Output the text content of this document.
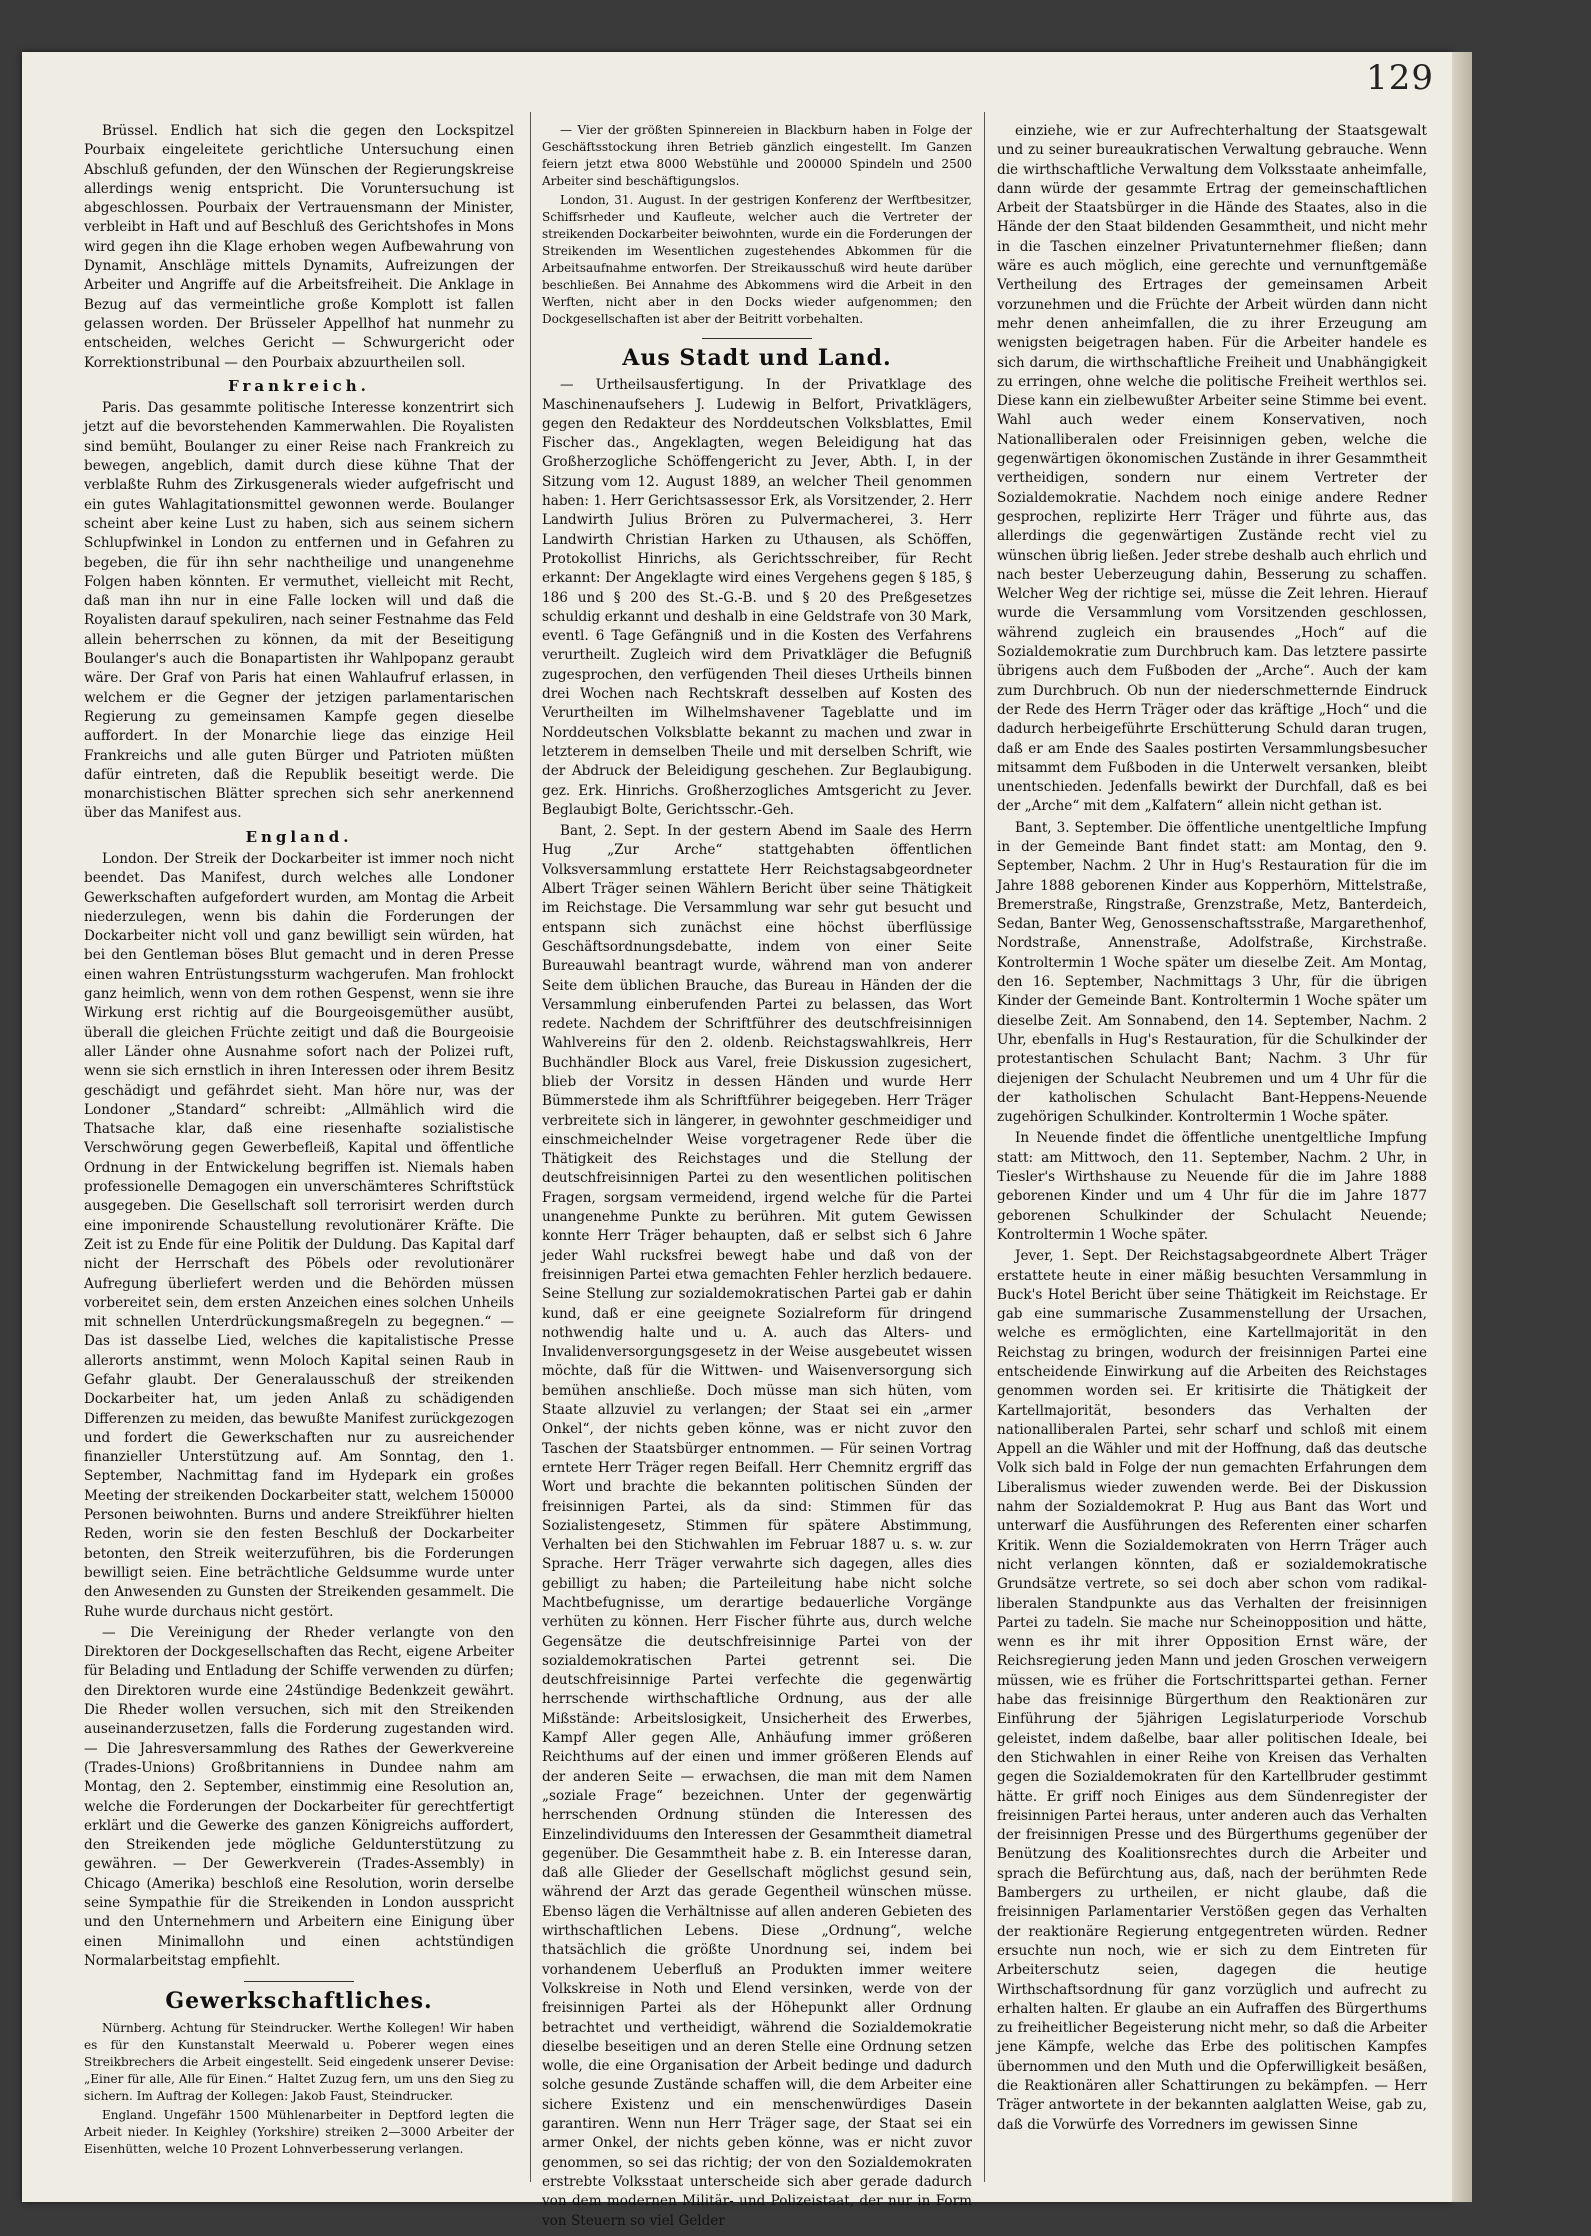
129

Brüssel. Endlich hat sich die gegen den Lockspitzel Pourbaix eingeleitete gerichtliche Untersuchung einen Abschluß gefunden, der den Wünschen der Regierungskreise allerdings wenig entspricht. Die Voruntersuchung ist abgeschlossen. Pourbaix der Vertrauensmann der Minister, verbleibt in Haft und auf Beschluß des Gerichtshofes in Mons wird gegen ihn die Klage erhoben wegen Aufbewahrung von Dynamit, Anschläge mittels Dynamits, Aufreizungen der Arbeiter und Angriffe auf die Arbeitsfreiheit. Die Anklage in Bezug auf das vermeintliche große Komplott ist fallen gelassen worden. Der Brüsseler Appellhof hat nunmehr zu entscheiden, welches Gericht — Schwurgericht oder Korrektionstribunal — den Pourbaix abzuurtheilen soll.

Frankreich.

Paris. Das gesammte politische Interesse konzentrirt sich jetzt auf die bevorstehenden Kammerwahlen. Die Royalisten sind bemüht, Boulanger zu einer Reise nach Frankreich zu bewegen, angeblich, damit durch diese kühne That der verblaßte Ruhm des Zirkusgenerals wieder aufgefrischt und ein gutes Wahlagitationsmittel gewonnen werde. Boulanger scheint aber keine Lust zu haben, sich aus seinem sichern Schlupfwinkel in London zu entfernen und in Gefahren zu begeben, die für ihn sehr nachtheilige und unangenehme Folgen haben könnten. Er vermuthet, vielleicht mit Recht, daß man ihn nur in eine Falle locken will und daß die Royalisten darauf spekuliren, nach seiner Festnahme das Feld allein beherrschen zu können, da mit der Beseitigung Boulanger's auch die Bonapartisten ihr Wahlpopanz geraubt wäre. Der Graf von Paris hat einen Wahlaufruf erlassen, in welchem er die Gegner der jetzigen parlamentarischen Regierung zu gemeinsamen Kampfe gegen dieselbe auffordert. In der Monarchie liege das einzige Heil Frankreichs und alle guten Bürger und Patrioten müßten dafür eintreten, daß die Republik beseitigt werde. Die monarchistischen Blätter sprechen sich sehr anerkennend über das Manifest aus.

England.

London. Der Streik der Dockarbeiter ist immer noch nicht beendet. Das Manifest, durch welches alle Londoner Gewerkschaften aufgefordert wurden, am Montag die Arbeit niederzulegen, wenn bis dahin die Forderungen der Dockarbeiter nicht voll und ganz bewilligt sein würden, hat bei den Gentleman böses Blut gemacht und in deren Presse einen wahren Entrüstungssturm wachgerufen. Man frohlockt ganz heimlich, wenn von dem rothen Gespenst, wenn sie ihre Wirkung erst richtig auf die Bourgeoisgemüther ausübt, überall die gleichen Früchte zeitigt und daß die Bourgeoisie aller Länder ohne Ausnahme sofort nach der Polizei ruft, wenn sie sich ernstlich in ihren Interessen oder ihrem Besitz geschädigt und gefährdet sieht. Man höre nur, was der Londoner „Standard“ schreibt: „Allmählich wird die Thatsache klar, daß eine riesenhafte sozialistische Verschwörung gegen Gewerbefleiß, Kapital und öffentliche Ordnung in der Entwickelung begriffen ist. Niemals haben professionelle Demagogen ein unverschämteres Schriftstück ausgegeben. Die Gesellschaft soll terrorisirt werden durch eine imponirende Schaustellung revolutionärer Kräfte. Die Zeit ist zu Ende für eine Politik der Duldung. Das Kapital darf nicht der Herrschaft des Pöbels oder revolutionärer Aufregung überliefert werden und die Behörden müssen vorbereitet sein, dem ersten Anzeichen eines solchen Unheils mit schnellen Unterdrückungsmaßregeln zu begegnen.“ — Das ist dasselbe Lied, welches die kapitalistische Presse allerorts anstimmt, wenn Moloch Kapital seinen Raub in Gefahr glaubt. Der Generalausschuß der streikenden Dockarbeiter hat, um jeden Anlaß zu schädigenden Differenzen zu meiden, das bewußte Manifest zurückgezogen und fordert die Gewerkschaften nur zu ausreichender finanzieller Unterstützung auf. Am Sonntag, den 1. September, Nachmittag fand im Hydepark ein großes Meeting der streikenden Dockarbeiter statt, welchem 150000 Personen beiwohnten. Burns und andere Streikführer hielten Reden, worin sie den festen Beschluß der Dockarbeiter betonten, den Streik weiterzuführen, bis die Forderungen bewilligt seien. Eine beträchtliche Geldsumme wurde unter den Anwesenden zu Gunsten der Streikenden gesammelt. Die Ruhe wurde durchaus nicht gestört.

— Die Vereinigung der Rheder verlangte von den Direktoren der Dockgesellschaften das Recht, eigene Arbeiter für Belading und Entladung der Schiffe verwenden zu dürfen; den Direktoren wurde eine 24stündige Bedenkzeit gewährt. Die Rheder wollen versuchen, sich mit den Streikenden auseinanderzusetzen, falls die Forderung zugestanden wird. — Die Jahresversammlung des Rathes der Gewerkvereine (Trades-Unions) Großbritanniens in Dundee nahm am Montag, den 2. September, einstimmig eine Resolution an, welche die Forderungen der Dockarbeiter für gerechtfertigt erklärt und die Gewerke des ganzen Königreichs auffordert, den Streikenden jede mögliche Geldunterstützung zu gewähren. — Der Gewerkverein (Trades-Assembly) in Chicago (Amerika) beschloß eine Resolution, worin derselbe seine Sympathie für die Streikenden in London ausspricht und den Unternehmern und Arbeitern eine Einigung über einen Minimallohn und einen achtstündigen Normalarbeitstag empfiehlt.

Gewerkschaftliches.

Nürnberg. Achtung für Steindrucker. Werthe Kollegen! Wir haben es für den Kunstanstalt Meerwald u. Poberer wegen eines Streikbrechers die Arbeit eingestellt. Seid eingedenk unserer Devise: „Einer für alle, Alle für Einen.“ Haltet Zuzug fern, um uns den Sieg zu sichern. Im Auftrag der Kollegen: Jakob Faust, Steindrucker.

England. Ungefähr 1500 Mühlenarbeiter in Deptford legten die Arbeit nieder. In Keighley (Yorkshire) streiken 2—3000 Arbeiter der Eisenhütten, welche 10 Prozent Lohnverbesserung verlangen.

— Vier der größten Spinnereien in Blackburn haben in Folge der Geschäftsstockung ihren Betrieb gänzlich eingestellt. Im Ganzen feiern jetzt etwa 8000 Webstühle und 200000 Spindeln und 2500 Arbeiter sind beschäftigungslos.

London, 31. August. In der gestrigen Konferenz der Werftbesitzer, Schiffsrheder und Kaufleute, welcher auch die Vertreter der streikenden Dockarbeiter beiwohnten, wurde ein die Forderungen der Streikenden im Wesentlichen zugestehendes Abkommen für die Arbeitsaufnahme entworfen. Der Streikausschuß wird heute darüber beschließen. Bei Annahme des Abkommens wird die Arbeit in den Werften, nicht aber in den Docks wieder aufgenommen; den Dockgesellschaften ist aber der Beitritt vorbehalten.

Aus Stadt und Land.

— Urtheilsausfertigung. In der Privatklage des Maschinenaufsehers J. Ludewig in Belfort, Privatklägers, gegen den Redakteur des Norddeutschen Volksblattes, Emil Fischer das., Angeklagten, wegen Beleidigung hat das Großherzogliche Schöffengericht zu Jever, Abth. I, in der Sitzung vom 12. August 1889, an welcher Theil genommen haben: 1. Herr Gerichtsassessor Erk, als Vorsitzender, 2. Herr Landwirth Julius Brören zu Pulvermacherei, 3. Herr Landwirth Christian Harken zu Uthausen, als Schöffen, Protokollist Hinrichs, als Gerichtsschreiber, für Recht erkannt: Der Angeklagte wird eines Vergehens gegen § 185, § 186 und § 200 des St.-G.-B. und § 20 des Preßgesetzes schuldig erkannt und deshalb in eine Geldstrafe von 30 Mark, eventl. 6 Tage Gefängniß und in die Kosten des Verfahrens verurtheilt. Zugleich wird dem Privatkläger die Befugniß zugesprochen, den verfügenden Theil dieses Urtheils binnen drei Wochen nach Rechtskraft desselben auf Kosten des Verurtheilten im Wilhelmshavener Tageblatte und im Norddeutschen Volksblatte bekannt zu machen und zwar in letzterem in demselben Theile und mit derselben Schrift, wie der Abdruck der Beleidigung geschehen. Zur Beglaubigung. gez. Erk. Hinrichs. Großherzogliches Amtsgericht zu Jever. Beglaubigt Bolte, Gerichtsschr.-Geh.

Bant, 2. Sept. In der gestern Abend im Saale des Herrn Hug „Zur Arche“ stattgehabten öffentlichen Volksversammlung erstattete Herr Reichstagsabgeordneter Albert Träger seinen Wählern Bericht über seine Thätigkeit im Reichstage. Die Versammlung war sehr gut besucht und entspann sich zunächst eine höchst überflüssige Geschäftsordnungsdebatte, indem von einer Seite Bureauwahl beantragt wurde, während man von anderer Seite dem üblichen Brauche, das Bureau in Händen der die Versammlung einberufenden Partei zu belassen, das Wort redete. Nachdem der Schriftführer des deutschfreisinnigen Wahlvereins für den 2. oldenb. Reichstagswahlkreis, Herr Buchhändler Block aus Varel, freie Diskussion zugesichert, blieb der Vorsitz in dessen Händen und wurde Herr Bümmerstede ihm als Schriftführer beigegeben. Herr Träger verbreitete sich in längerer, in gewohnter geschmeidiger und einschmeichelnder Weise vorgetragener Rede über die Thätigkeit des Reichstages und die Stellung der deutschfreisinnigen Partei zu den wesentlichen politischen Fragen, sorgsam vermeidend, irgend welche für die Partei unangenehme Punkte zu berühren. Mit gutem Gewissen konnte Herr Träger behaupten, daß er selbst sich 6 Jahre jeder Wahl rucksfrei bewegt habe und daß von der freisinnigen Partei etwa gemachten Fehler herzlich bedauere. Seine Stellung zur sozialdemokratischen Partei gab er dahin kund, daß er eine geeignete Sozialreform für dringend nothwendig halte und u. A. auch das Alters- und Invalidenversorgungsgesetz in der Weise ausgebeutet wissen möchte, daß für die Wittwen- und Waisenversorgung sich bemühen anschließe. Doch müsse man sich hüten, vom Staate allzuviel zu verlangen; der Staat sei ein „armer Onkel“, der nichts geben könne, was er nicht zuvor den Taschen der Staatsbürger entnommen. — Für seinen Vortrag erntete Herr Träger regen Beifall. Herr Chemnitz ergriff das Wort und brachte die bekannten politischen Sünden der freisinnigen Partei, als da sind: Stimmen für das Sozialistengesetz, Stimmen für spätere Abstimmung, Verhalten bei den Stichwahlen im Februar 1887 u. s. w. zur Sprache. Herr Träger verwahrte sich dagegen, alles dies gebilligt zu haben; die Parteileitung habe nicht solche Machtbefugnisse, um derartige bedauerliche Vorgänge verhüten zu können. Herr Fischer führte aus, durch welche Gegensätze die deutschfreisinnige Partei von der sozialdemokratischen Partei getrennt sei. Die deutschfreisinnige Partei verfechte die gegenwärtig herrschende wirthschaftliche Ordnung, aus der alle Mißstände: Arbeitslosigkeit, Unsicherheit des Erwerbes, Kampf Aller gegen Alle, Anhäufung immer größeren Reichthums auf der einen und immer größeren Elends auf der anderen Seite — erwachsen, die man mit dem Namen „soziale Frage“ bezeichnen. Unter der gegenwärtig herrschenden Ordnung stünden die Interessen des Einzelindividuums den Interessen der Gesammtheit diametral gegenüber. Die Gesammtheit habe z. B. ein Interesse daran, daß alle Glieder der Gesellschaft möglichst gesund sein, während der Arzt das gerade Gegentheil wünschen müsse. Ebenso lägen die Verhältnisse auf allen anderen Gebieten des wirthschaftlichen Lebens. Diese „Ordnung“, welche thatsächlich die größte Unordnung sei, indem bei vorhandenem Ueberfluß an Produkten immer weitere Volkskreise in Noth und Elend versinken, werde von der freisinnigen Partei als der Höhepunkt aller Ordnung betrachtet und vertheidigt, während die Sozialdemokratie dieselbe beseitigen und an deren Stelle eine Ordnung setzen wolle, die eine Organisation der Arbeit bedinge und dadurch solche gesunde Zustände schaffen will, die dem Arbeiter eine sichere Existenz und ein menschenwürdiges Dasein garantiren. Wenn nun Herr Träger sage, der Staat sei ein armer Onkel, der nichts geben könne, was er nicht zuvor genommen, so sei das richtig; der von den Sozialdemokraten erstrebte Volksstaat unterscheide sich aber gerade dadurch von dem modernen Militär- und Polizeistaat, der nur in Form von Steuern so viel Gelder

einziehe, wie er zur Aufrechterhaltung der Staatsgewalt und zu seiner bureaukratischen Verwaltung gebrauche. Wenn die wirthschaftliche Verwaltung dem Volksstaate anheimfalle, dann würde der gesammte Ertrag der gemeinschaftlichen Arbeit der Staatsbürger in die Hände des Staates, also in die Hände der den Staat bildenden Gesammtheit, und nicht mehr in die Taschen einzelner Privatunternehmer fließen; dann wäre es auch möglich, eine gerechte und vernunftgemäße Vertheilung des Ertrages der gemeinsamen Arbeit vorzunehmen und die Früchte der Arbeit würden dann nicht mehr denen anheimfallen, die zu ihrer Erzeugung am wenigsten beigetragen haben. Für die Arbeiter handele es sich darum, die wirthschaftliche Freiheit und Unabhängigkeit zu erringen, ohne welche die politische Freiheit werthlos sei. Diese kann ein zielbewußter Arbeiter seine Stimme bei event. Wahl auch weder einem Konservativen, noch Nationalliberalen oder Freisinnigen geben, welche die gegenwärtigen ökonomischen Zustände in ihrer Gesammtheit vertheidigen, sondern nur einem Vertreter der Sozialdemokratie. Nachdem noch einige andere Redner gesprochen, replizirte Herr Träger und führte aus, das allerdings die gegenwärtigen Zustände recht viel zu wünschen übrig ließen. Jeder strebe deshalb auch ehrlich und nach bester Ueberzeugung dahin, Besserung zu schaffen. Welcher Weg der richtige sei, müsse die Zeit lehren. Hierauf wurde die Versammlung vom Vorsitzenden geschlossen, während zugleich ein brausendes „Hoch“ auf die Sozialdemokratie zum Durchbruch kam. Das letztere passirte übrigens auch dem Fußboden der „Arche“. Auch der kam zum Durchbruch. Ob nun der niederschmetternde Eindruck der Rede des Herrn Träger oder das kräftige „Hoch“ und die dadurch herbeigeführte Erschütterung Schuld daran trugen, daß er am Ende des Saales postirten Versammlungsbesucher mitsammt dem Fußboden in die Unterwelt versanken, bleibt unentschieden. Jedenfalls bewirkt der Durchfall, daß es bei der „Arche“ mit dem „Kalfatern“ allein nicht gethan ist.

Bant, 3. September. Die öffentliche unentgeltliche Impfung in der Gemeinde Bant findet statt: am Montag, den 9. September, Nachm. 2 Uhr in Hug's Restauration für die im Jahre 1888 geborenen Kinder aus Kopperhörn, Mittelstraße, Bremerstraße, Ringstraße, Grenzstraße, Metz, Banterdeich, Sedan, Banter Weg, Genossenschaftsstraße, Margarethenhof, Nordstraße, Annenstraße, Adolfstraße, Kirchstraße. Kontroltermin 1 Woche später um dieselbe Zeit. Am Montag, den 16. September, Nachmittags 3 Uhr, für die übrigen Kinder der Gemeinde Bant. Kontroltermin 1 Woche später um dieselbe Zeit. Am Sonnabend, den 14. September, Nachm. 2 Uhr, ebenfalls in Hug's Restauration, für die Schulkinder der protestantischen Schulacht Bant; Nachm. 3 Uhr für diejenigen der Schulacht Neubremen und um 4 Uhr für die der katholischen Schulacht Bant-Heppens-Neuende zugehörigen Schulkinder. Kontroltermin 1 Woche später.

In Neuende findet die öffentliche unentgeltliche Impfung statt: am Mittwoch, den 11. September, Nachm. 2 Uhr, in Tiesler's Wirthshause zu Neuende für die im Jahre 1888 geborenen Kinder und um 4 Uhr für die im Jahre 1877 geborenen Schulkinder der Schulacht Neuende; Kontroltermin 1 Woche später.

Jever, 1. Sept. Der Reichstagsabgeordnete Albert Träger erstattete heute in einer mäßig besuchten Versammlung in Buck's Hotel Bericht über seine Thätigkeit im Reichstage. Er gab eine summarische Zusammenstellung der Ursachen, welche es ermöglichten, eine Kartellmajorität in den Reichstag zu bringen, wodurch der freisinnigen Partei eine entscheidende Einwirkung auf die Arbeiten des Reichstages genommen worden sei. Er kritisirte die Thätigkeit der Kartellmajorität, besonders das Verhalten der nationalliberalen Partei, sehr scharf und schloß mit einem Appell an die Wähler und mit der Hoffnung, daß das deutsche Volk sich bald in Folge der nun gemachten Erfahrungen dem Liberalismus wieder zuwenden werde. Bei der Diskussion nahm der Sozialdemokrat P. Hug aus Bant das Wort und unterwarf die Ausführungen des Referenten einer scharfen Kritik. Wenn die Sozialdemokraten von Herrn Träger auch nicht verlangen könnten, daß er sozialdemokratische Grundsätze vertrete, so sei doch aber schon vom radikal-liberalen Standpunkte aus das Verhalten der freisinnigen Partei zu tadeln. Sie mache nur Scheinopposition und hätte, wenn es ihr mit ihrer Opposition Ernst wäre, der Reichsregierung jeden Mann und jeden Groschen verweigern müssen, wie es früher die Fortschrittspartei gethan. Ferner habe das freisinnige Bürgerthum den Reaktionären zur Einführung der 5jährigen Legislaturperiode Vorschub geleistet, indem daßelbe, baar aller politischen Ideale, bei den Stichwahlen in einer Reihe von Kreisen das Verhalten gegen die Sozialdemokraten für den Kartellbruder gestimmt hätte. Er griff noch Einiges aus dem Sündenregister der freisinnigen Partei heraus, unter anderen auch das Verhalten der freisinnigen Presse und des Bürgerthums gegenüber der Benützung des Koalitionsrechtes durch die Arbeiter und sprach die Befürchtung aus, daß, nach der berühmten Rede Bambergers zu urtheilen, er nicht glaube, daß die freisinnigen Parlamentarier Verstößen gegen das Verhalten der reaktionäre Regierung entgegentreten würden. Redner ersuchte nun noch, wie er sich zu dem Eintreten für Arbeiterschutz seien, dagegen die heutige Wirthschaftsordnung für ganz vorzüglich und aufrecht zu erhalten halten. Er glaube an ein Aufraffen des Bürgerthums zu freiheitlicher Begeisterung nicht mehr, so daß die Arbeiter jene Kämpfe, welche das Erbe des politischen Kampfes übernommen und den Muth und die Opferwilligkeit besäßen, die Reaktionären aller Schattirungen zu bekämpfen. — Herr Träger antwortete in der bekannten aalglatten Weise, gab zu, daß die Vorwürfe des Vorredners im gewissen Sinne
